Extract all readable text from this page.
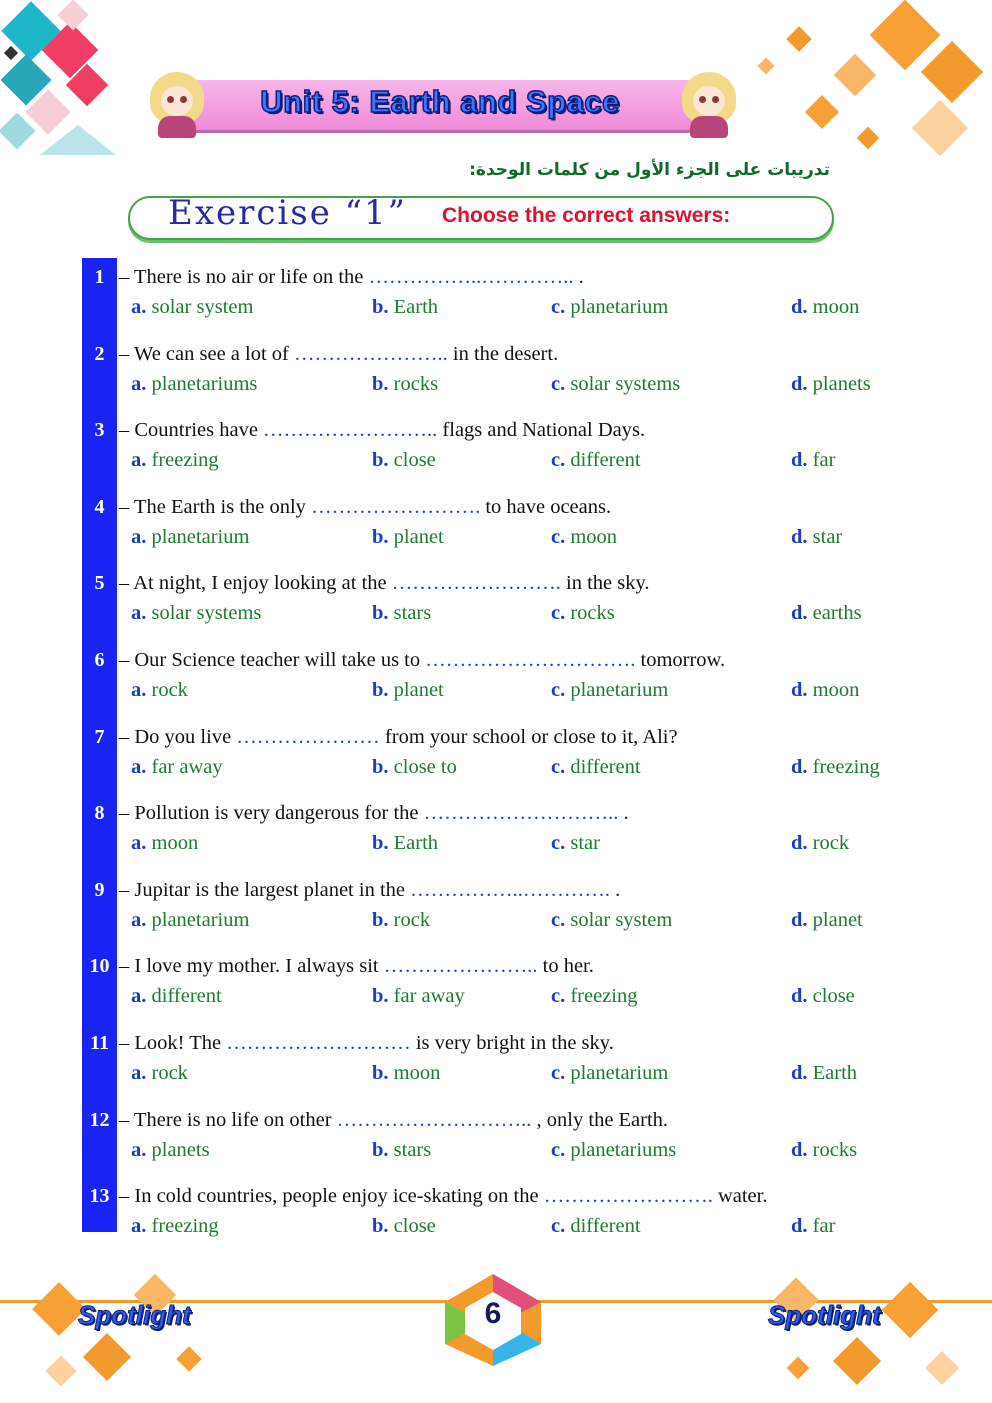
Unit 5: Earth and Space
تدريبات على الجزء الأول من كلمات الوحدة:
Exercise “1” Choose the correct answers:
1 – There is no air or life on the ……………..………….. .
a. solar system	b. Earth	c. planetarium	d. moon
2 – We can see a lot of ………………….. in the desert.
a. planetariums	b. rocks	c. solar systems	d. planets
3 – Countries have …………………….. flags and National Days.
a. freezing	b. close	c. different	d. far
4 – The Earth is the only ……………………. to have oceans.
a. planetarium	b. planet	c. moon	d. star
5 – At night, I enjoy looking at the ……………………. in the sky.
a. solar systems	b. stars	c. rocks	d. earths
6 – Our Science teacher will take us to …………………………. tomorrow.
a. rock	b. planet	c. planetarium	d. moon
7 – Do you live ………………… from your school or close to it, Ali?
a. far away	b. close to	c. different	d. freezing
8 – Pollution is very dangerous for the ……………………….. .
a. moon	b. Earth	c. star	d. rock
9 – Jupitar is the largest planet in the ……………..…………. .
a. planetarium	b. rock	c. solar system	d. planet
10 – I love my mother. I always sit ………………….. to her.
a. different	b. far away	c. freezing	d. close
11 – Look! The ……………………… is very bright in the sky.
a. rock	b. moon	c. planetarium	d. Earth
12 – There is no life on other ……………………….. , only the Earth.
a. planets	b. stars	c. planetariums	d. rocks
13 – In cold countries, people enjoy ice-skating on the ……………………. water.
a. freezing	b. close	c. different	d. far
Spotlight	Spotlight
6
